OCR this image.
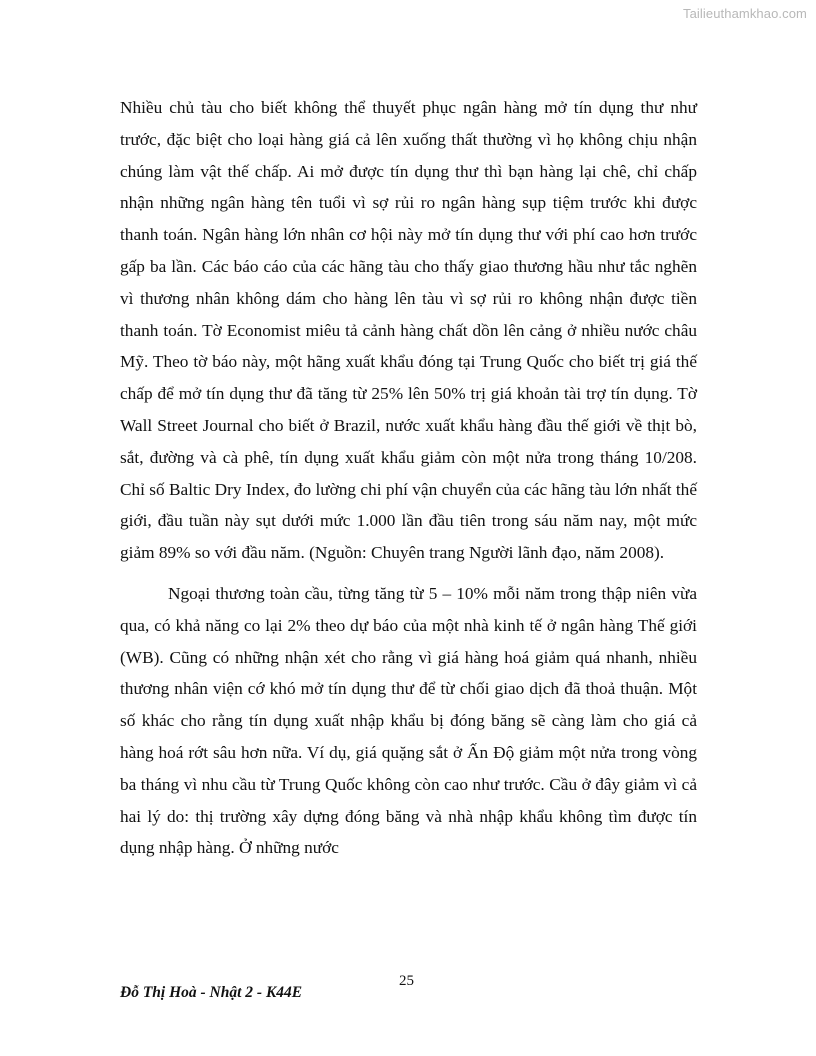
Tailieuthamkhao.com

Nhiều chủ tàu cho biết không thể thuyết phục ngân hàng mở tín dụng thư như trước, đặc biệt cho loại hàng giá cả lên xuống thất thường vì họ không chịu nhận chúng làm vật thế chấp. Ai mở được tín dụng thư thì bạn hàng lại chê, chỉ chấp nhận những ngân hàng tên tuổi vì sợ rủi ro ngân hàng sụp tiệm trước khi được thanh toán. Ngân hàng lớn nhân cơ hội này mở tín dụng thư với phí cao hơn trước gấp ba lần. Các báo cáo của các hãng tàu cho thấy giao thương hầu như tắc nghẽn vì thương nhân không dám cho hàng lên tàu vì sợ rủi ro không nhận được tiền thanh toán. Tờ Economist miêu tả cảnh hàng chất dồn lên cảng ở nhiều nước châu Mỹ. Theo tờ báo này, một hãng xuất khẩu đóng tại Trung Quốc cho biết trị giá thế chấp để mở tín dụng thư đã tăng từ 25% lên 50% trị giá khoản tài trợ tín dụng. Tờ Wall Street Journal cho biết ở Brazil, nước xuất khẩu hàng đầu thế giới về thịt bò, sắt, đường và cà phê, tín dụng xuất khẩu giảm còn một nửa trong tháng 10/208. Chỉ số Baltic Dry Index, đo lường chi phí vận chuyển của các hãng tàu lớn nhất thế giới, đầu tuần này sụt dưới mức 1.000 lần đầu tiên trong sáu năm nay, một mức giảm 89% so với đầu năm. (Nguồn: Chuyên trang Người lãnh đạo, năm 2008).

Ngoại thương toàn cầu, từng tăng từ 5 – 10% mỗi năm trong thập niên vừa qua, có khả năng co lại 2% theo dự báo của một nhà kinh tế ở ngân hàng Thế giới (WB). Cũng có những nhận xét cho rằng vì giá hàng hoá giảm quá nhanh, nhiều thương nhân viện cớ khó mở tín dụng thư để từ chối giao dịch đã thoả thuận. Một số khác cho rằng tín dụng xuất nhập khẩu bị đóng băng sẽ càng làm cho giá cả hàng hoá rớt sâu hơn nữa. Ví dụ, giá quặng sắt ở Ấn Độ giảm một nửa trong vòng ba tháng vì nhu cầu từ Trung Quốc không còn cao như trước. Cầu ở đây giảm vì cả hai lý do: thị trường xây dựng đóng băng và nhà nhập khẩu không tìm được tín dụng nhập hàng. Ở những nước

25
Đỗ Thị Hoà - Nhật 2 - K44E
